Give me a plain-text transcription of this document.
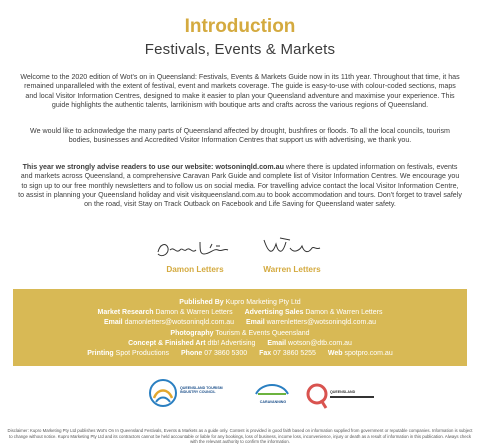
Introduction
Festivals, Events & Markets

Welcome to the 2020 edition of Wot's on in Queensland: Festivals, Events & Markets Guide now in its 11th year. Throughout that time, it has remained unparalleled with the extent of festival, event and markets coverage. The guide is easy-to-use with colour-coded sections, maps and local Visitor Information Centres, designed to make it easier to plan your Queensland adventure and maximise your experience. This guide highlights the authentic talents, larrikinism with boutique arts and crafts across the various regions of Queensland.

We would like to acknowledge the many parts of Queensland affected by drought, bushfires or floods. To all the local councils, tourism bodies, businesses and Accredited Visitor Information Centres that support us with advertising, we thank you.

This year we strongly advise readers to use our website: wotsoninqld.com.au where there is updated information on festivals, events and markets across Queensland, a comprehensive Caravan Park Guide and complete list of Visitor Information Centres. We encourage you to sign up to our free monthly newsletters and to follow us on social media. For travelling advice contact the local Visitor Information Centre, to assist in planning your Queensland holiday and visit visitqueensland.com.au to book accommodation and tours. Don't forget to travel safely on the road, visit Stay on Track Outback on Facebook and Life Saving for Queensland water safety.

Damon Letters	Warren Letters
Published By Kupro Marketing Pty Ltd
Market Research Damon & Warren Letters Advertising Sales Damon & Warren Letters
Email damonletters@wotsoninqld.com.au Email warrenletters@wotsoninqld.com.au
Photography Tourism & Events Queensland
Concept & Finished Art dtb! Advertising Email wotson@dtb.com.au
Printing Spot Productions Phone 07 3860 5300 Fax 07 3860 5255 Web spotpro.com.au
QUEENSLAND TOURISM INDUSTRY COUNCIL
CARAVANNING
QUEENSLAND
Disclaimer: Kupro Marketing Pty Ltd publishes Wot's On In Queensland Festivals, Events & Markets as a guide only. Content is provided in good faith based on information supplied from government or reputable companies. Information is subject to change without notice. Kupro Marketing Pty Ltd and its contractors cannot be held accountable or liable for any bookings, loss of business, income loss, inconvenience, injury or death as a result of information in this publication. Always check with the relevant authority to confirm the information.
